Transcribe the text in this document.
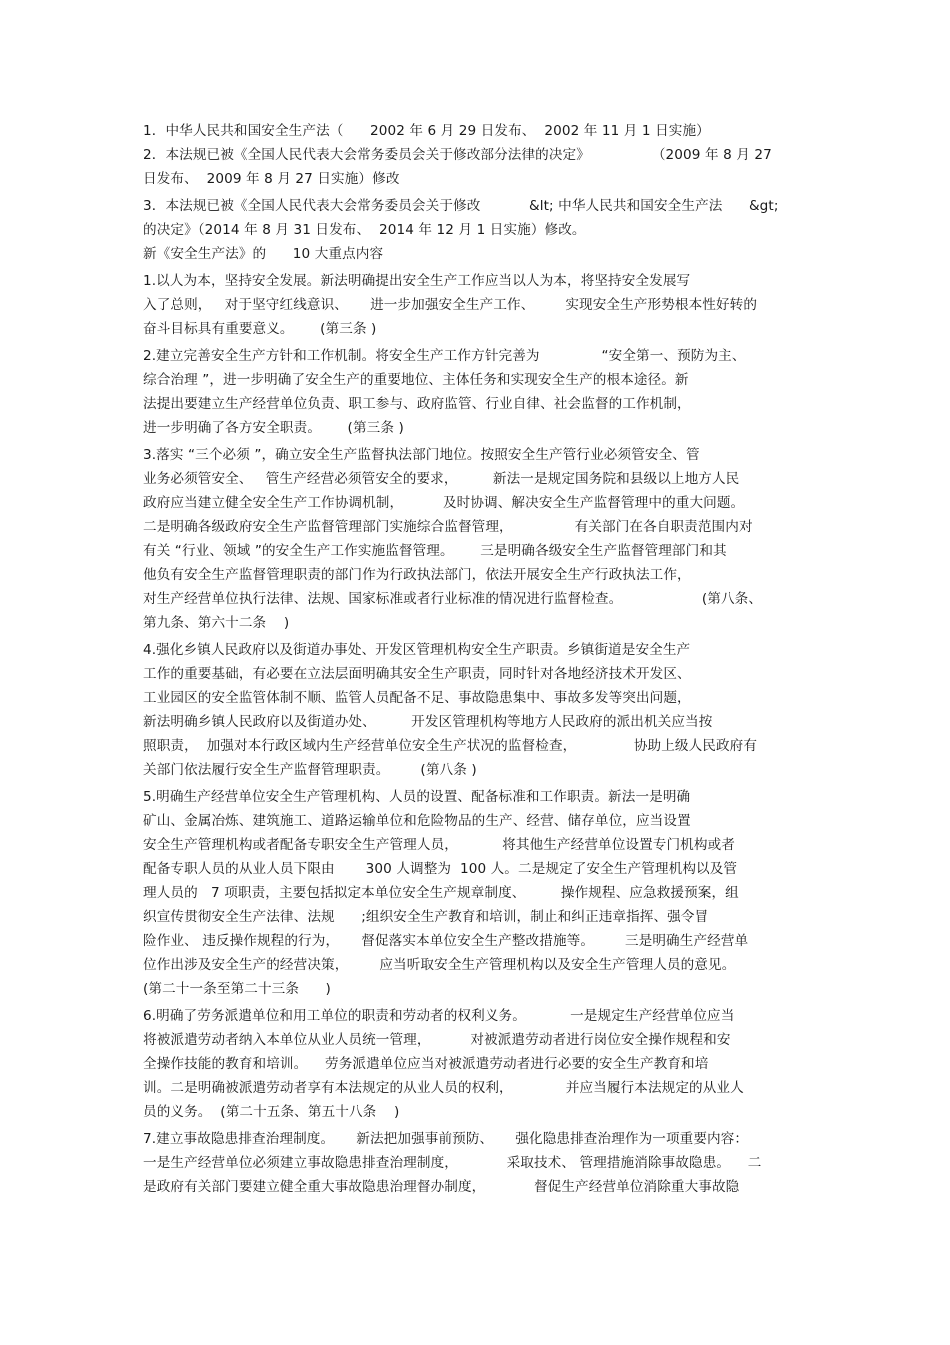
1．中华人民共和国安全生产法（      2002 年 6 月 29 日发布、  2002 年 11 月 1 日实施）
2．本法规已被《全国人民代表大会常务委员会关于修改部分法律的决定》              （2009 年 8 月 27
日发布、  2009 年 8 月 27 日实施）修改
3．本法规已被《全国人民代表大会常务委员会关于修改           &lt; 中华人民共和国安全生产法      &gt;
的决定》（2014 年 8 月 31 日发布、  2014 年 12 月 1 日实施）修改。
新《安全生产法》的      10 大重点内容
1.以人为本，坚持安全发展。新法明确提出安全生产工作应当以人为本，将坚持安全发展写
入了总则，   对于坚守红线意识、     进一步加强安全生产工作、       实现安全生产形势根本性好转的
奋斗目标具有重要意义。      (第三条 )
2.建立完善安全生产方针和工作机制。将安全生产工作方针完善为              “安全第一、预防为主、
综合治理 ”，进一步明确了安全生产的重要地位、主体任务和实现安全生产的根本途径。新
法提出要建立生产经营单位负责、职工参与、政府监管、行业自律、社会监督的工作机制，
进一步明确了各方安全职责。      (第三条 )
3.落实 “三个必须 ”，确立安全生产监督执法部门地位。按照安全生产管行业必须管安全、管
业务必须管安全、   管生产经营必须管安全的要求，        新法一是规定国务院和县级以上地方人民
政府应当建立健全安全生产工作协调机制，         及时协调、解决安全生产监督管理中的重大问题。
二是明确各级政府安全生产监督管理部门实施综合监督管理，              有关部门在各自职责范围内对
有关 “行业、领域 ”的安全生产工作实施监督管理。      三是明确各级安全生产监督管理部门和其
他负有安全生产监督管理职责的部门作为行政执法部门，依法开展安全生产行政执法工作，
对生产经营单位执行法律、法规、国家标准或者行业标准的情况进行监督检查。                  (第八条、
第九条、第六十二条    )
4.强化乡镇人民政府以及街道办事处、开发区管理机构安全生产职责。乡镇街道是安全生产
工作的重要基础，有必要在立法层面明确其安全生产职责，同时针对各地经济技术开发区、
工业园区的安全监管体制不顺、监管人员配备不足、事故隐患集中、事故多发等突出问题，
新法明确乡镇人民政府以及街道办处、        开发区管理机构等地方人民政府的派出机关应当按
照职责，  加强对本行政区域内生产经营单位安全生产状况的监督检查，             协助上级人民政府有
关部门依法履行安全生产监督管理职责。       (第八条 )
5.明确生产经营单位安全生产管理机构、人员的设置、配备标准和工作职责。新法一是明确
矿山、金属冶炼、建筑施工、道路运输单位和危险物品的生产、经营、储存单位，应当设置
安全生产管理机构或者配备专职安全生产管理人员，          将其他生产经营单位设置专门机构或者
配备专职人员的从业人员下限由       300 人调整为  100 人。二是规定了安全生产管理机构以及管
理人员的   7 项职责，主要包括拟定本单位安全生产规章制度、        操作规程、应急救援预案，组
织宣传贯彻安全生产法律、法规      ;组织安全生产教育和培训，制止和纠正违章指挥、强令冒
险作业、 违反操作规程的行为，     督促落实本单位安全生产整改措施等。       三是明确生产经营单
位作出涉及安全生产的经营决策，       应当听取安全生产管理机构以及安全生产管理人员的意见。
(第二十一条至第二十三条      )
6.明确了劳务派遣单位和用工单位的职责和劳动者的权利义务。          一是规定生产经营单位应当
将被派遣劳动者纳入本单位从业人员统一管理，         对被派遣劳动者进行岗位安全操作规程和安
全操作技能的教育和培训。    劳务派遣单位应当对被派遣劳动者进行必要的安全生产教育和培
训。二是明确被派遣劳动者享有本法规定的从业人员的权利，            并应当履行本法规定的从业人
员的义务。  (第二十五条、第五十八条    )
7.建立事故隐患排查治理制度。     新法把加强事前预防、     强化隐患排查治理作为一项重要内容：
一是生产经营单位必须建立事故隐患排查治理制度，           采取技术、 管理措施消除事故隐患。    二
是政府有关部门要建立健全重大事故隐患治理督办制度，           督促生产经营单位消除重大事故隐
